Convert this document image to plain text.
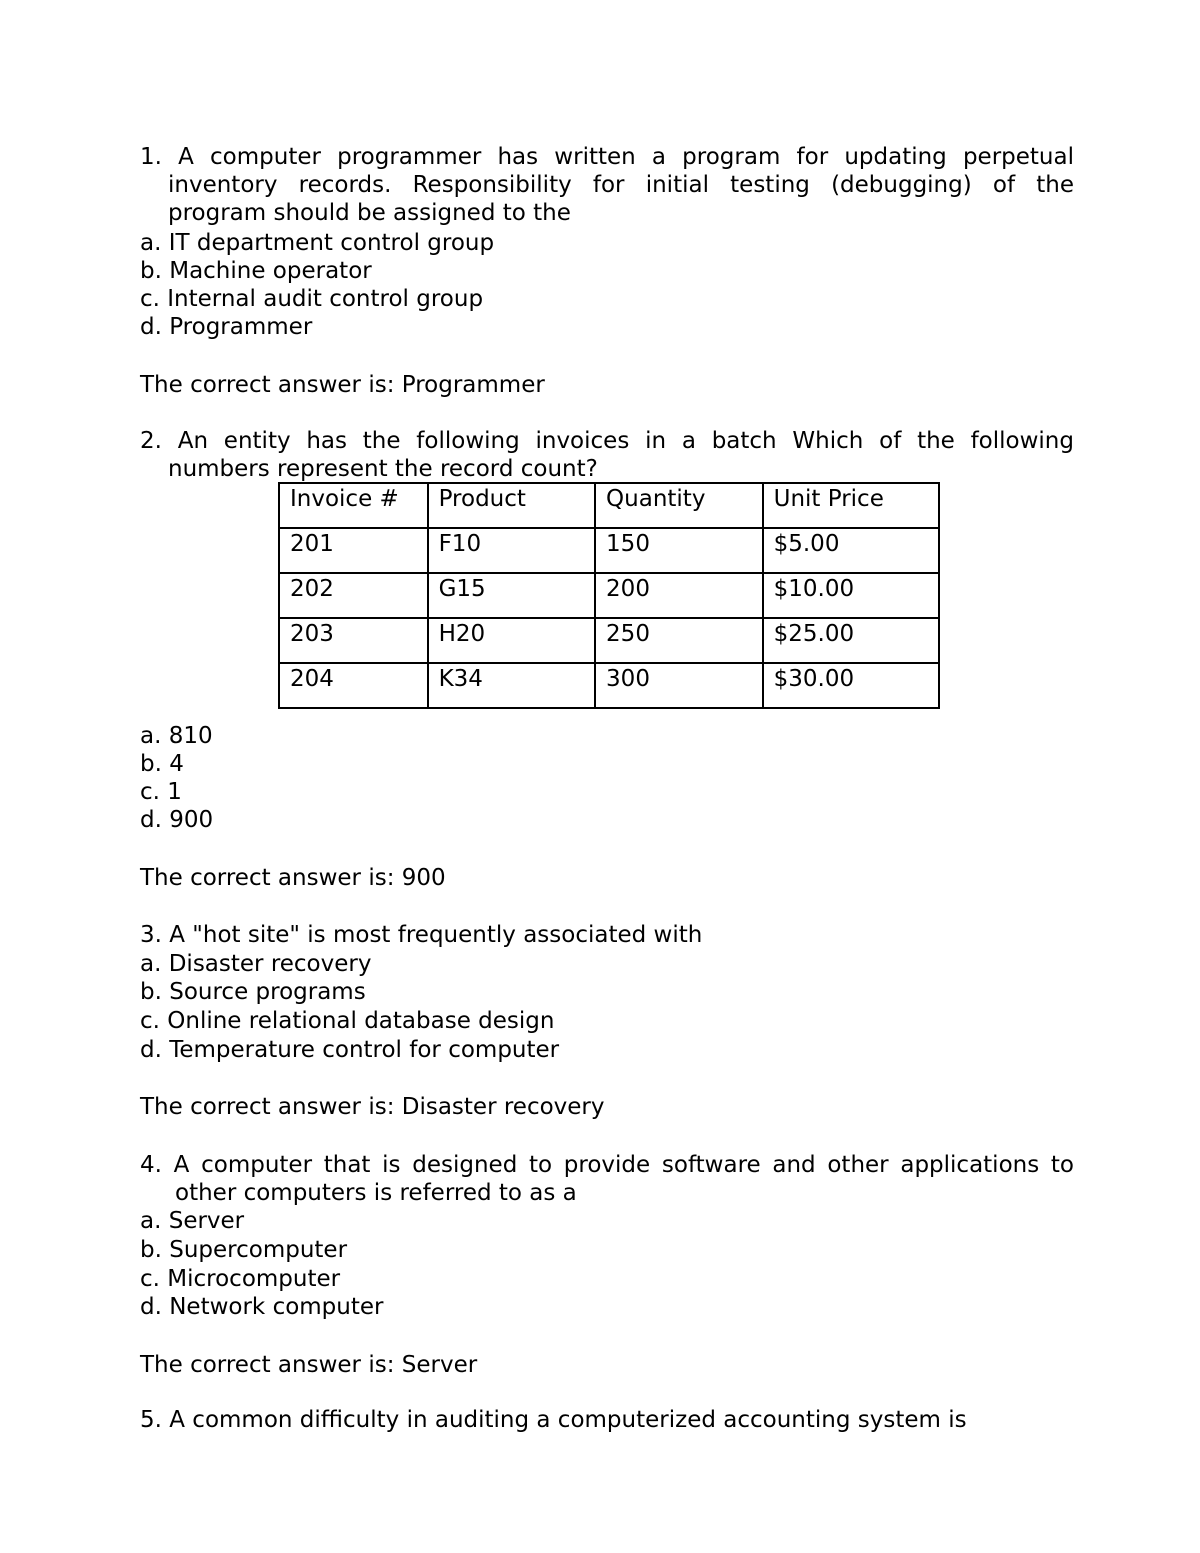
1. A computer programmer has written a program for updating perpetual
inventory records. Responsibility for initial testing (debugging) of the
program should be assigned to the
a. IT department control group
b. Machine operator
c. Internal audit control group
d. Programmer
The correct answer is: Programmer
2. An entity has the following invoices in a batch Which of the following
numbers represent the record count?
Invoice #	Product	Quantity	Unit Price
201	F10	150	$5.00
202	G15	200	$10.00
203	H20	250	$25.00
204	K34	300	$30.00
a. 810
b. 4
c. 1
d. 900
The correct answer is: 900
3. A "hot site" is most frequently associated with
a. Disaster recovery
b. Source programs
c. Online relational database design
d. Temperature control for computer
The correct answer is: Disaster recovery
4. A computer that is designed to provide software and other applications to
other computers is referred to as a
a. Server
b. Supercomputer
c. Microcomputer
d. Network computer
The correct answer is: Server
5. A common difficulty in auditing a computerized accounting system is
